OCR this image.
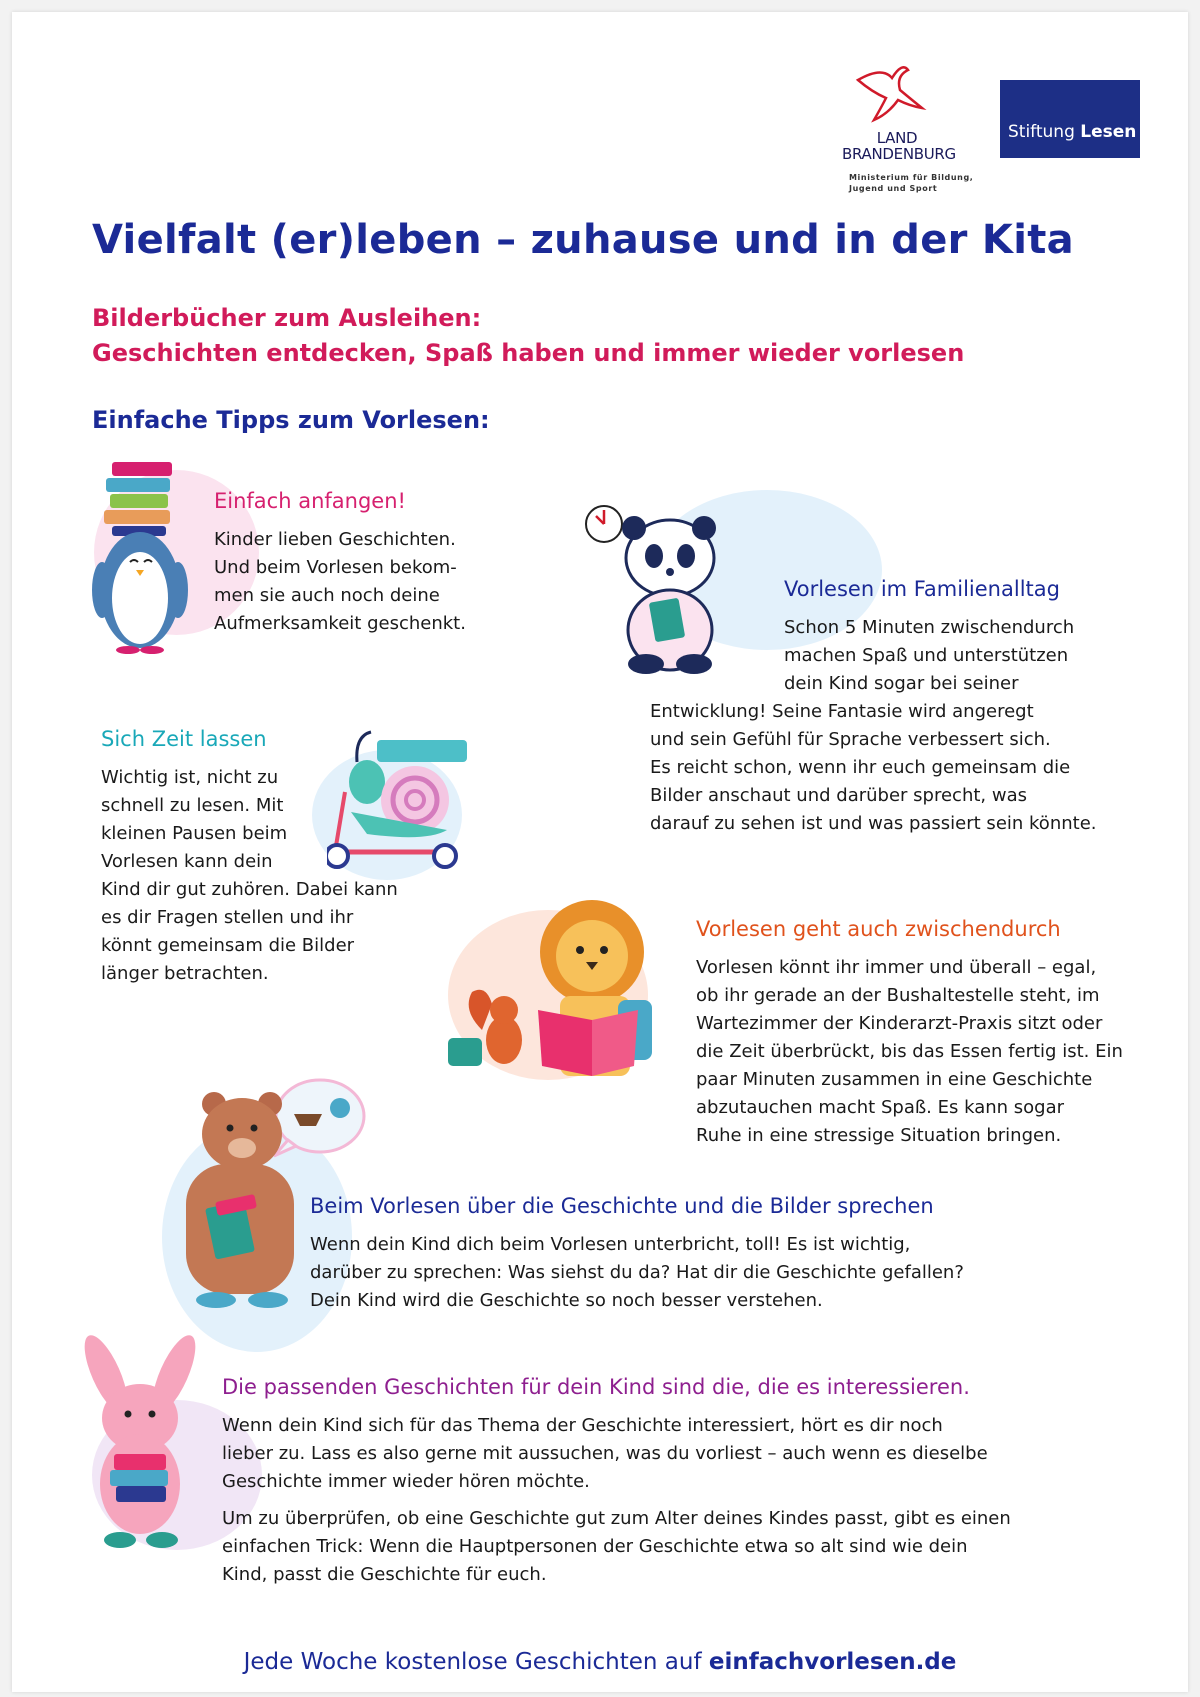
LAND
BRANDENBURG
Ministerium für Bildung,
Jugend und Sport
Stiftung Lesen
Vielfalt (er)leben – zuhause und in der Kita
Bilderbücher zum Ausleihen:
Geschichten entdecken, Spaß haben und immer wieder vorlesen
Einfache Tipps zum Vorlesen:
Einfach anfangen!
Kinder lieben Geschichten.
Und beim Vorlesen bekom-
men sie auch noch deine
Aufmerksamkeit geschenkt.
Vorlesen im Familienalltag
Schon 5 Minuten zwischendurch
machen Spaß und unterstützen
dein Kind sogar bei seiner
Entwicklung! Seine Fantasie wird angeregt
und sein Gefühl für Sprache verbessert sich.
Es reicht schon, wenn ihr euch gemeinsam die
Bilder anschaut und darüber sprecht, was
darauf zu sehen ist und was passiert sein könnte.
Sich Zeit lassen
Wichtig ist, nicht zu
schnell zu lesen. Mit
kleinen Pausen beim
Vorlesen kann dein
Kind dir gut zuhören. Dabei kann
es dir Fragen stellen und ihr
könnt gemeinsam die Bilder
länger betrachten.
Vorlesen geht auch zwischendurch
Vorlesen könnt ihr immer und überall – egal,
ob ihr gerade an der Bushaltestelle steht, im
Wartezimmer der Kinderarzt-Praxis sitzt oder
die Zeit überbrückt, bis das Essen fertig ist. Ein
paar Minuten zusammen in eine Geschichte
abzutauchen macht Spaß. Es kann sogar
Ruhe in eine stressige Situation bringen.
Beim Vorlesen über die Geschichte und die Bilder sprechen
Wenn dein Kind dich beim Vorlesen unterbricht, toll! Es ist wichtig,
darüber zu sprechen: Was siehst du da? Hat dir die Geschichte gefallen?
Dein Kind wird die Geschichte so noch besser verstehen.
Die passenden Geschichten für dein Kind sind die, die es interessieren.
Wenn dein Kind sich für das Thema der Geschichte interessiert, hört es dir noch
lieber zu. Lass es also gerne mit aussuchen, was du vorliest – auch wenn es dieselbe
Geschichte immer wieder hören möchte.
Um zu überprüfen, ob eine Geschichte gut zum Alter deines Kindes passt, gibt es einen
einfachen Trick: Wenn die Hauptpersonen der Geschichte etwa so alt sind wie dein
Kind, passt die Geschichte für euch.
Jede Woche kostenlose Geschichten auf einfachvorlesen.de
